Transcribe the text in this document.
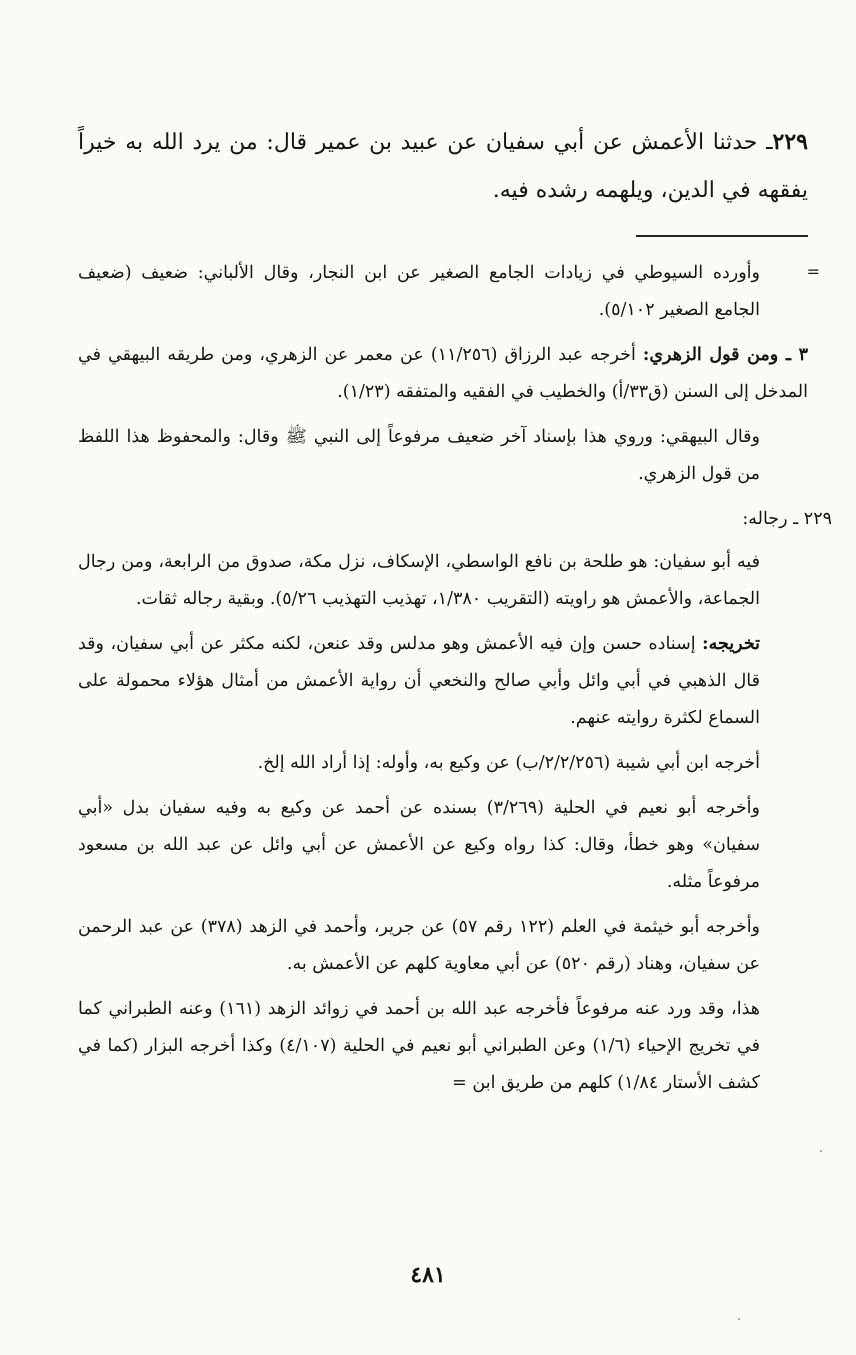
٢٢٩ـ حدثنا الأعمش عن أبي سفيان عن عبيد بن عمير قال: من يرد الله به خيراً يفقهه في الدين، ويلهمه رشده فيه.
=

وأورده السيوطي في زيادات الجامع الصغير عن ابن النجار، وقال الألباني: ضعيف (ضعيف الجامع الصغير ٥/١٠٢).

٣ ـ ومن قول الزهري: أخرجه عبد الرزاق (١١/٢٥٦) عن معمر عن الزهري، ومن طريقه البيهقي في المدخل إلى السنن (ق٣٣/أ) والخطيب في الفقيه والمتفقه (١/٢٣).

وقال البيهقي: وروي هذا بإسناد آخر ضعيف مرفوعاً إلى النبي ﷺ وقال: والمحفوظ هذا اللفظ من قول الزهري.

٢٢٩ ـ رجاله:

فيه أبو سفيان: هو طلحة بن نافع الواسطي، الإسكاف، نزل مكة، صدوق من الرابعة، ومن رجال الجماعة، والأعمش هو راويته (التقريب ١/٣٨٠، تهذيب التهذيب ٥/٢٦). وبقية رجاله ثقات.

تخريجه: إسناده حسن وإن فيه الأعمش وهو مدلس وقد عنعن، لكنه مكثر عن أبي سفيان، وقد قال الذهبي في أبي وائل وأبي صالح والنخعي أن رواية الأعمش من أمثال هؤلاء محمولة على السماع لكثرة روايته عنهم.

أخرجه ابن أبي شيبة (٢/٢/٢٥٦/ب) عن وكيع به، وأوله: إذا أراد الله إلخ.

وأخرجه أبو نعيم في الحلية (٣/٢٦٩) بسنده عن أحمد عن وكيع به وفيه سفيان بدل «أبي سفيان» وهو خطأ، وقال: كذا رواه وكيع عن الأعمش عن أبي وائل عن عبد الله بن مسعود مرفوعاً مثله.

وأخرجه أبو خيثمة في العلم (١٢٢ رقم ٥٧) عن جرير، وأحمد في الزهد (٣٧٨) عن عبد الرحمن عن سفيان، وهناد (رقم ٥٢٠) عن أبي معاوية كلهم عن الأعمش به.

هذا، وقد ورد عنه مرفوعاً فأخرجه عبد الله بن أحمد في زوائد الزهد (١٦١) وعنه الطبراني كما في تخريج الإحياء (١/٦) وعن الطبراني أبو نعيم في الحلية (٤/١٠٧) وكذا أخرجه البزار (كما في كشف الأستار ١/٨٤) كلهم من طريق ابن =

٤٨١
